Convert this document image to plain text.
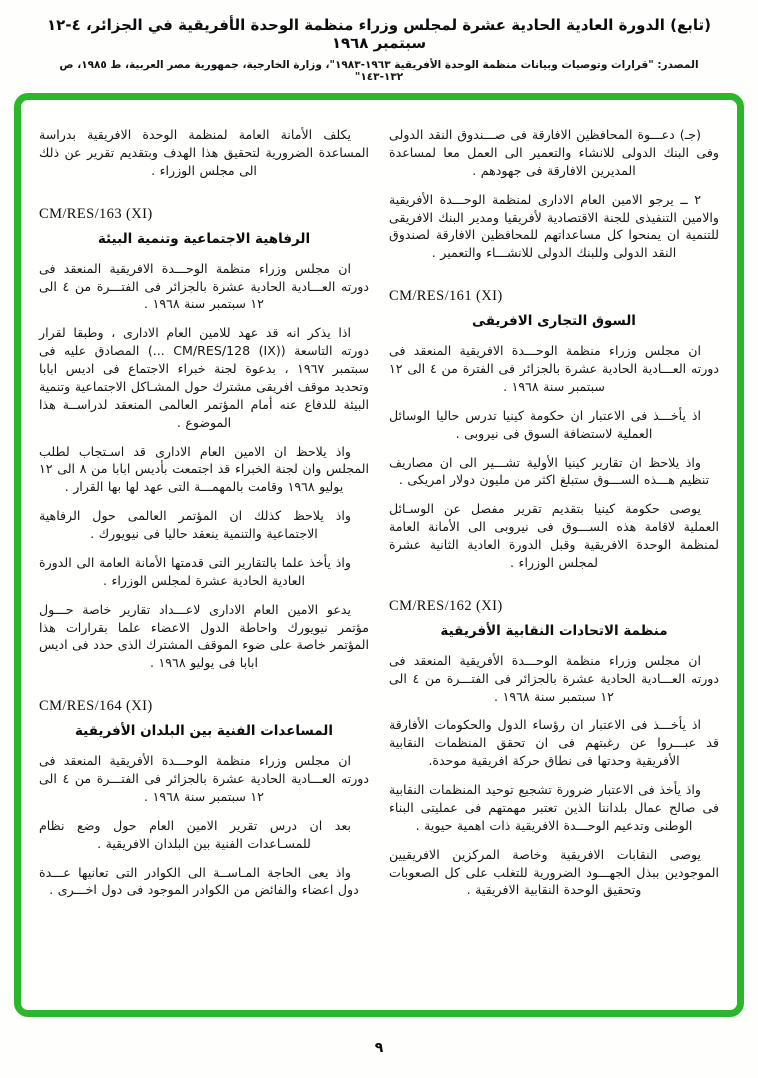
(تابع) الدورة العادية الحادية عشرة لمجلس وزراء منظمة الوحدة الأفريقية في الجزائر، ٤-١٢ سبتمبر ١٩٦٨
المصدر: "قرارات وتوصيات وبيانات منظمة الوحدة الأفريقية ١٩٦٣-١٩٨٣"، وزارة الخارجية، جمهورية مصر العربية، ط ١٩٨٥، ص ١٣٢-١٤٣"
(جـ) دعـــوة المحافظين الافارقة فى صـــندوق النقد الدولى وفى البنك الدولى للانشاء والتعمير الى العمل معا لمساعدة المديرين الافارقة فى جهودهم .
٢ ــ يرجو الامين العام الادارى لمنظمة الوحـــدة الأفريقية والامين التنفيذى للجنة الاقتصادية لأفريقيا ومدير البنك الافريقى للتنمية ان يمنحوا كل مساعداتهم للمحافظين الافارقة لصندوق النقد الدولى وللبنك الدولى للانشـــاء والتعمير .
CM/RES/161 (XI)
السوق التجارى الافريقى
ان مجلس وزراء منظمة الوحـــدة الافريقية المنعقد فى دورته العـــادية الحادية عشرة بالجزائر فى الفترة من ٤ الى ١٢ سبتمبر سنة ١٩٦٨ .
اذ يأخـــذ فى الاعتبار ان حكومة كينيا تدرس حاليا الوسائل العملية لاستضافة السوق فى نيروبى .
واذ يلاحظ ان تقارير كينيا الأولية تشـــير الى ان مصاريف تنظيم هـــذه الســـوق ستبلغ اكثر من مليون دولار امريكى .
يوصى حكومة كينيا بتقديم تقرير مفصل عن الوسـائل العملية لاقامة هذه الســـوق فى نيروبى الى الأمانة العامة لمنظمة الوحدة الافريقية وقبل الدورة العادية الثانية عشرة لمجلس الوزراء .
CM/RES/162 (XI)
منظمة الاتحادات النقابية الأفريقية
ان مجلس وزراء منظمة الوحـــدة الأفريقية المنعقد فى دورته العـــادية الحادية عشرة بالجزائر فى الفتـــرة من ٤ الى ١٢ سبتمبر سنة ١٩٦٨ .
اذ يأخـــذ فى الاعتبار ان رؤساء الدول والحكومات الأفارقة قد عبـــروا عن رغبتهم فى ان تحقق المنظمات النقابية الأفريقية وحدتها فى نطاق حركة افريقية موحدة.
واذ يأخذ فى الاعتبار ضرورة تشجيع توحيد المنظمات النقابية فى صالح عمال بلداننا الذين تعتبر مهمتهم فى عمليتى البناء الوطنى وتدعيم الوحـــدة الافريقية ذات اهمية حيوية .
يوصى النقابات الافريقية وخاصة المركزين الافريقيين الموجودين ببذل الجهـــود الضرورية للتغلب على كل الصعوبات وتحقيق الوحدة النقابية الافريقية .
يكلف الأمانة العامة لمنظمة الوحدة الافريقية بدراسة المساعدة الضرورية لتحقيق هذا الهدف وبتقديم تقرير عن ذلك الى مجلس الوزراء .
CM/RES/163 (XI)
الرفاهية الاجتماعية وتنمية البيئة
ان مجلس وزراء منظمة الوحـــدة الافريقية المنعقد فى دورته العـــادية الحادية عشرة بالجزائر فى الفتـــرة من ٤ الى ١٢ سبتمبر سنة ١٩٦٨ .
اذا يذكر انه قد عهد للامين العام الادارى ، وطبقا لقرار دورته التاسعة (CM/RES/128 (IX) ...) المصادق عليه فى سبتمبر ١٩٦٧ ، بدعوة لجنة خبراء الاجتماع فى اديس ابابا وتحديد موقف افريقى مشترك حول المشـاكل الاجتماعية وتنمية البيئة للدفاع عنه أمام المؤتمر العالمى المنعقد لدراســة هذا الموضوع .
واذ يلاحظ ان الامين العام الادارى قد اسـتجاب لطلب المجلس وان لجنة الخبراء قد اجتمعت بأديس ابابا من ٨ الى ١٢ يوليو ١٩٦٨ وقامت بالمهمـــة التى عهد لها بها القرار .
واذ يلاحظ كذلك ان المؤتمر العالمى حول الرفاهية الاجتماعية والتنمية ينعقد حاليا فى نيويورك .
واذ يأخذ علما بالتقارير التى قدمتها الأمانة العامة الى الدورة العادية الحادية عشرة لمجلس الوزراء .
يدعو الامين العام الادارى لاعـــداد تقارير خاصة حـــول مؤتمر نيويورك واحاطة الدول الاعضاء علما بقرارات هذا المؤتمر خاصة على ضوء الموقف المشترك الذى حدد فى اديس ابابا فى يوليو ١٩٦٨ .
CM/RES/164 (XI)
المساعدات الفنية بين البلدان الأفريقية
ان مجلس وزراء منظمة الوحـــدة الأفريقية المنعقد فى دورته العـــادية الحادية عشرة بالجزائر فى الفتـــرة من ٤ الى ١٢ سبتمبر سنة ١٩٦٨ .
بعد ان درس تقرير الامين العام حول وضع نظام للمسـاعدات الفنية بين البلدان الافريقية .
واذ يعى الحاجة المـاســة الى الكوادر التى تعانيها عـــدة دول اعضاء والفائض من الكوادر الموجود فى دول اخـــرى .
٩
